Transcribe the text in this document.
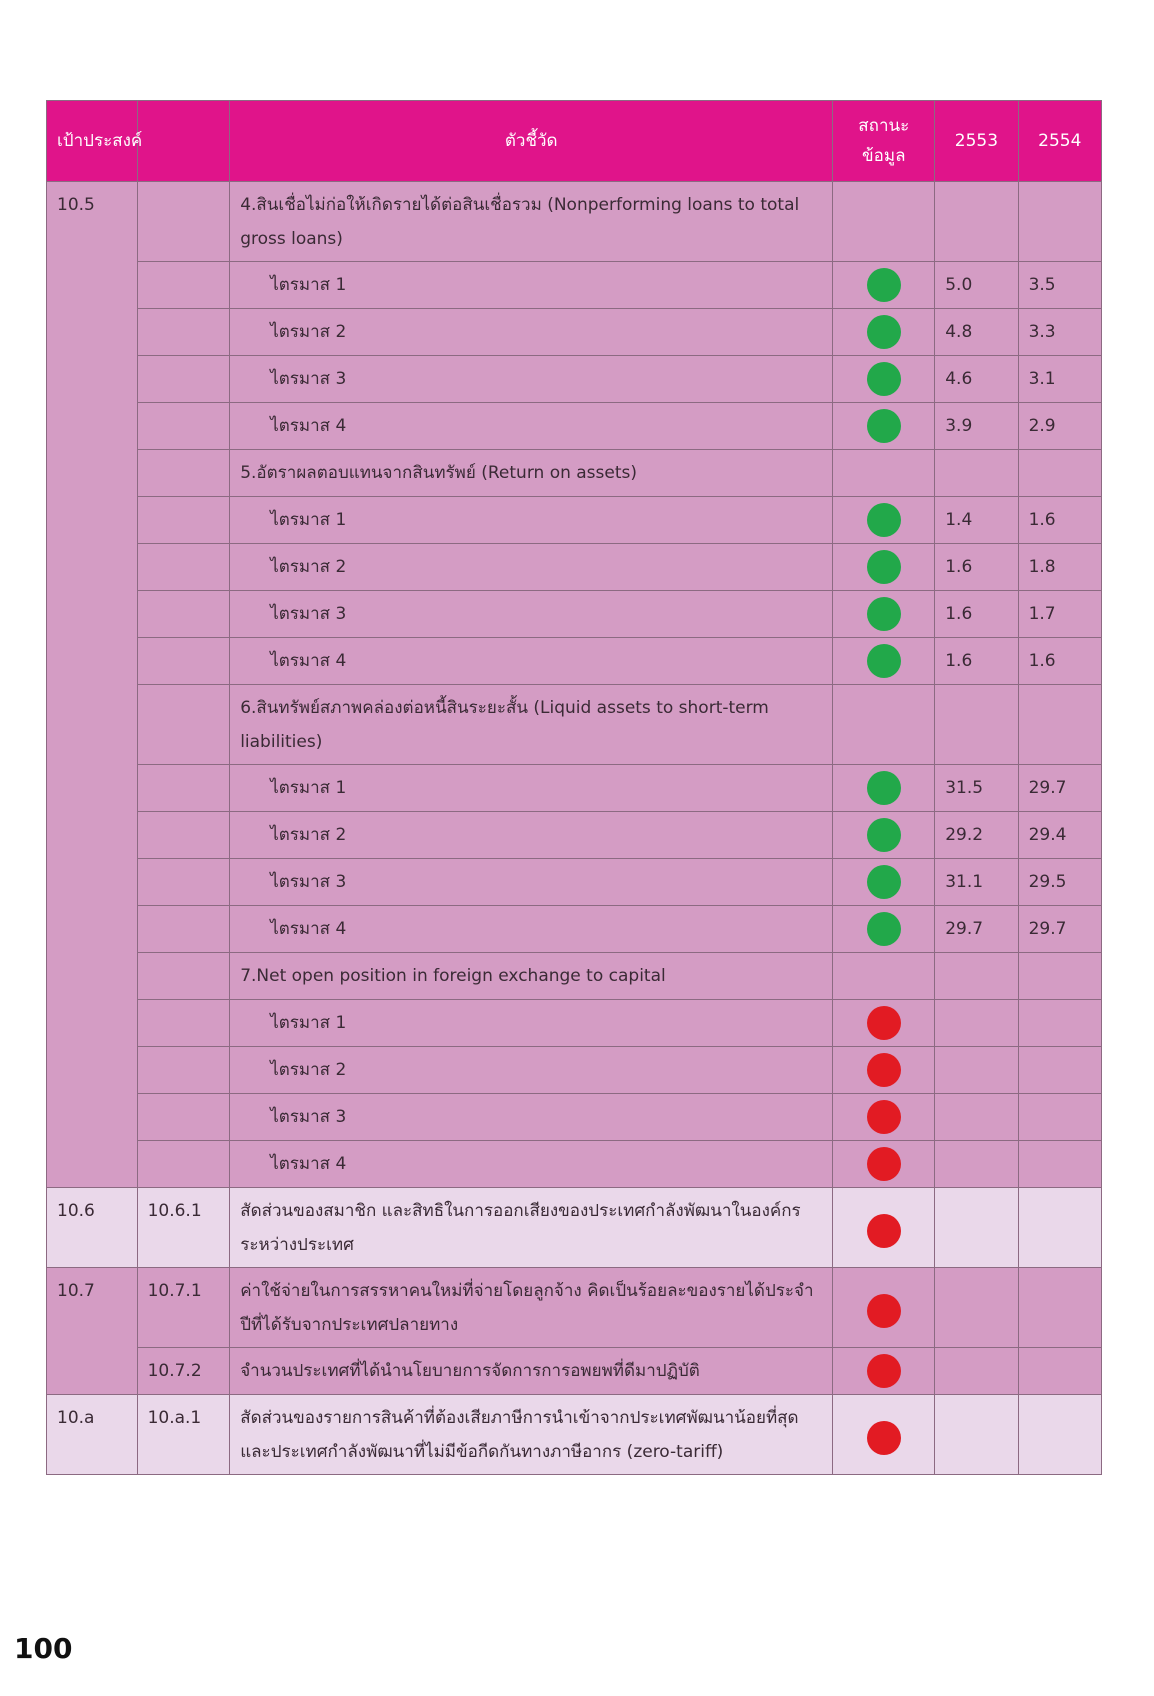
เป้าประสงค์		ตัวชี้วัด	สถานะข้อมูล	2553	2554
10.5		4.สินเชื่อไม่ก่อให้เกิดรายได้ต่อสินเชื่อรวม (Nonperforming loans to total gross loans)			
		ไตรมาส 1		5.0	3.5
		ไตรมาส 2		4.8	3.3
		ไตรมาส 3		4.6	3.1
		ไตรมาส 4		3.9	2.9
		5.อัตราผลตอบแทนจากสินทรัพย์ (Return on assets)			
		ไตรมาส 1		1.4	1.6
		ไตรมาส 2		1.6	1.8
		ไตรมาส 3		1.6	1.7
		ไตรมาส 4		1.6	1.6
		6.สินทรัพย์สภาพคล่องต่อหนี้สินระยะสั้น (Liquid assets to short-term liabilities)			
		ไตรมาส 1		31.5	29.7
		ไตรมาส 2		29.2	29.4
		ไตรมาส 3		31.1	29.5
		ไตรมาส 4		29.7	29.7
		7.Net open position in foreign exchange to capital			
		ไตรมาส 1			
		ไตรมาส 2			
		ไตรมาส 3			
		ไตรมาส 4			
10.6	10.6.1	สัดส่วนของสมาชิก และสิทธิในการออกเสียงของประเทศกำลังพัฒนาในองค์กรระหว่างประเทศ			
10.7	10.7.1	ค่าใช้จ่ายในการสรรหาคนใหม่ที่จ่ายโดยลูกจ้าง คิดเป็นร้อยละของรายได้ประจำปีที่ได้รับจากประเทศปลายทาง			
	10.7.2	จำนวนประเทศที่ได้นำนโยบายการจัดการการอพยพที่ดีมาปฏิบัติ			
10.a	10.a.1	สัดส่วนของรายการสินค้าที่ต้องเสียภาษีการนำเข้าจากประเทศพัฒนาน้อยที่สุดและประเทศกำลังพัฒนาที่ไม่มีข้อกีดกันทางภาษีอากร (zero-tariff)			
100
